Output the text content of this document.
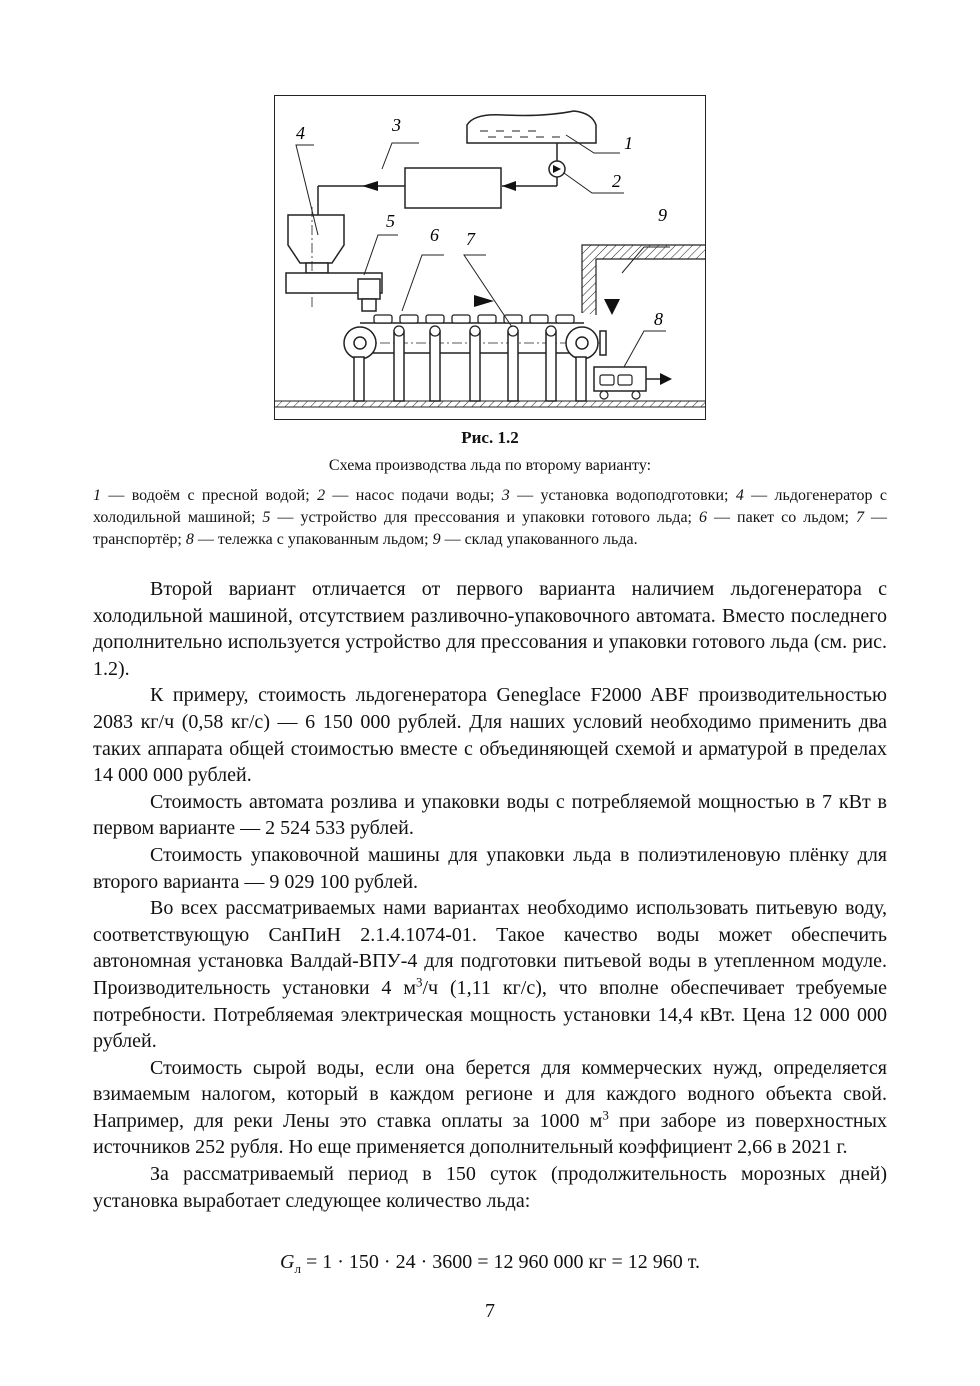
1
2
3
4
5
6 7
8
9
Рис. 1.2
Схема производства льда по второму варианту:
1 — водоём с пресной водой; 2 — насос подачи воды; 3 — установка водоподготовки; 4 — льдогенератор с холодильной машиной; 5 — устройство для прессования и упаковки готового льда; 6 — пакет со льдом; 7 — транспортёр; 8 — тележка с упакованным льдом; 9 — склад упакованного льда.

Второй вариант отличается от первого варианта наличием льдогенератора с холодильной машиной, отсутствием разливочно-упаковочного автомата. Вместо последнего дополнительно используется устройство для прессования и упаковки готового льда (см. рис. 1.2).

К примеру, стоимость льдогенератора Geneglace F2000 ABF производительностью 2083 кг/ч (0,58 кг/с) — 6 150 000 рублей. Для наших условий необходимо применить два таких аппарата общей стоимостью вместе с объединяющей схемой и арматурой в пределах 14 000 000 рублей.

Стоимость автомата розлива и упаковки воды с потребляемой мощностью в 7 кВт в первом варианте — 2 524 533 рублей.

Стоимость упаковочной машины для упаковки льда в полиэтиленовую плёнку для второго варианта — 9 029 100 рублей.

Во всех рассматриваемых нами вариантах необходимо использовать питьевую воду, соответствующую СанПиН 2.1.4.1074-01. Такое качество воды может обеспечить автономная установка Валдай-ВПУ-4 для подготовки питьевой воды в утепленном модуле. Производительность установки 4 $м^3/ч$ (1,11 кг/с), что вполне обеспечивает требуемые потребности. Потребляемая электрическая мощность установки 14,4 кВт. Цена 12 000 000 рублей.

Стоимость сырой воды, если она берется для коммерческих нужд, определяется взимаемым налогом, который в каждом регионе и для каждого водного объекта свой. Например, для реки Лены это ставка оплаты за 1000 $м^3$ при заборе из поверхностных источников 252 рубля. Но еще применяется дополнительный коэффициент 2,66 в 2021 г.

За рассматриваемый период в 150 суток (продолжительность морозных дней) установка выработает следующее количество льда:

$G_л = 1 \cdot 150 \cdot 24 \cdot 3600 = 12$ 960 000 кг = 12 960 т.
7
